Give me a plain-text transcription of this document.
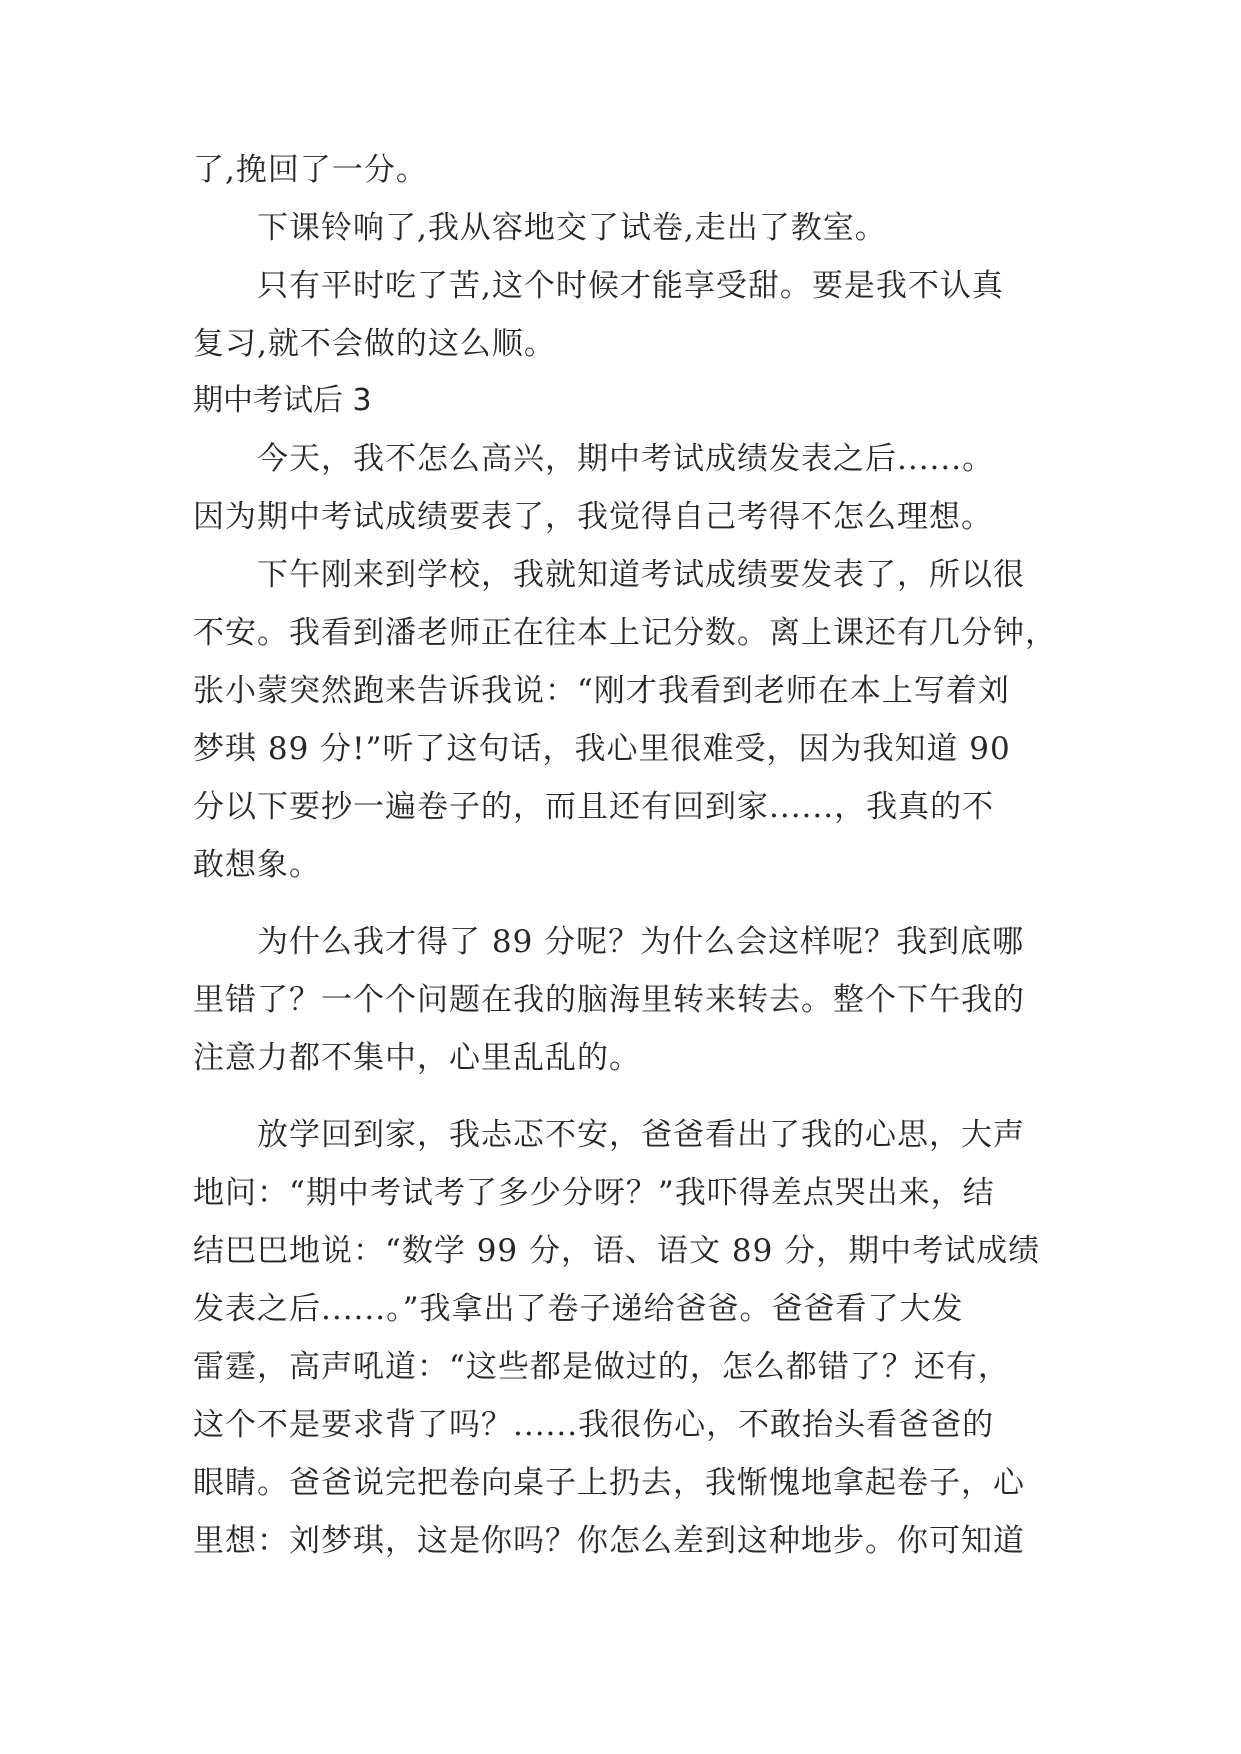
了,挽回了一分。

下课铃响了,我从容地交了试卷,走出了教室。

只有平时吃了苦,这个时候才能享受甜。要是我不认真

复习,就不会做的这么顺。

期中考试后 3

今天，我不怎么高兴，期中考试成绩发表之后......。

因为期中考试成绩要表了，我觉得自己考得不怎么理想。

下午刚来到学校，我就知道考试成绩要发表了，所以很

不安。我看到潘老师正在往本上记分数。离上课还有几分钟，

张小蒙突然跑来告诉我说：“刚才我看到老师在本上写着刘

梦琪 89 分!”听了这句话，我心里很难受，因为我知道 90

分以下要抄一遍卷子的，而且还有回到家......，我真的不

敢想象。

为什么我才得了 89 分呢？为什么会这样呢？我到底哪

里错了？一个个问题在我的脑海里转来转去。整个下午我的

注意力都不集中，心里乱乱的。

放学回到家，我忐忑不安，爸爸看出了我的心思，大声

地问：“期中考试考了多少分呀？”我吓得差点哭出来，结

结巴巴地说：“数学 99 分，语、语文 89 分，期中考试成绩

发表之后......。”我拿出了卷子递给爸爸。爸爸看了大发

雷霆，高声吼道：“这些都是做过的，怎么都错了？还有，

这个不是要求背了吗？......我很伤心，不敢抬头看爸爸的

眼睛。爸爸说完把卷向桌子上扔去，我惭愧地拿起卷子，心

里想：刘梦琪，这是你吗？你怎么差到这种地步。你可知道
